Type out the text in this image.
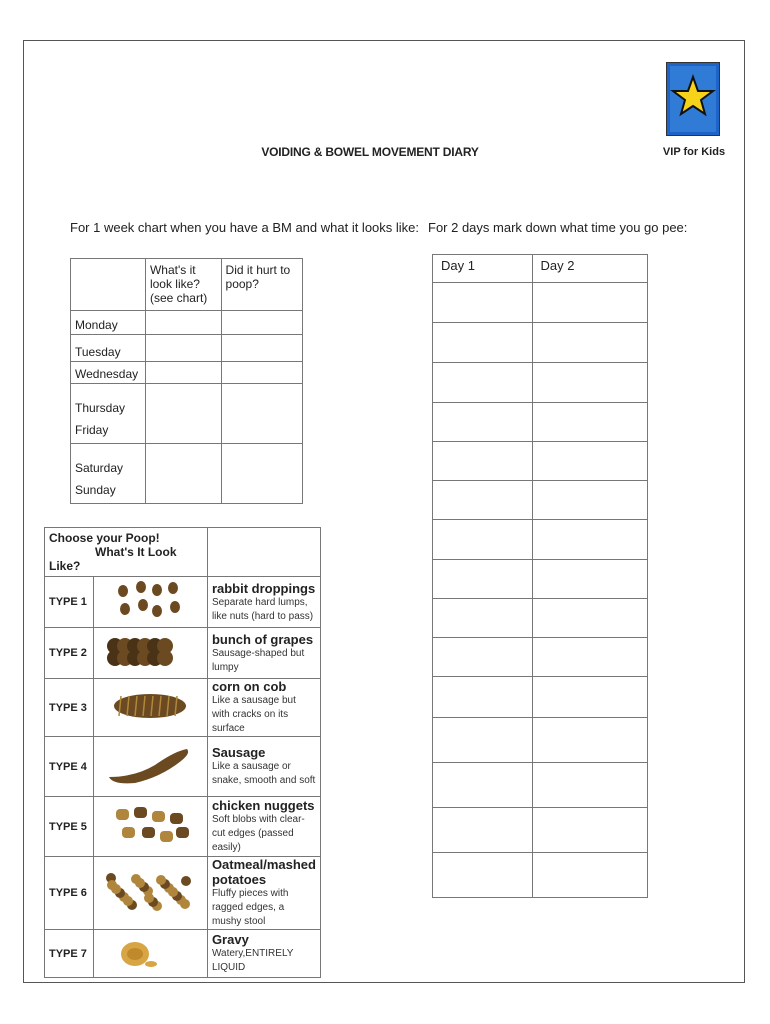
VIP for Kids
VOIDING & BOWEL MOVEMENT DIARY
For 1 week chart when you have a BM and what it looks like: For 2 days mark down what time you go pee:
	What's it look like? (see chart)	Did it hurt to poop?
Monday		
Tuesday		
Wednesday		
Thursday
Friday		
Saturday
Sunday		
Day 1	Day 2

Choose your Poop!What's It Look Like?		
TYPE 1		rabbit droppings
Separate hard lumps, like nuts (hard to pass)

TYPE 2		bunch of grapes
Sausage-shaped but lumpy

TYPE 3		corn on cob
Like a sausage but with cracks on its surface

TYPE 4		Sausage
Like a sausage or snake, smooth and soft

TYPE 5		chicken nuggets
Soft blobs with clear-cut edges (passed easily)

TYPE 6		Oatmeal/mashed potatoes
Fluffy pieces with ragged edges, a mushy stool

TYPE 7		Gravy
Watery,ENTIRELY LIQUID
